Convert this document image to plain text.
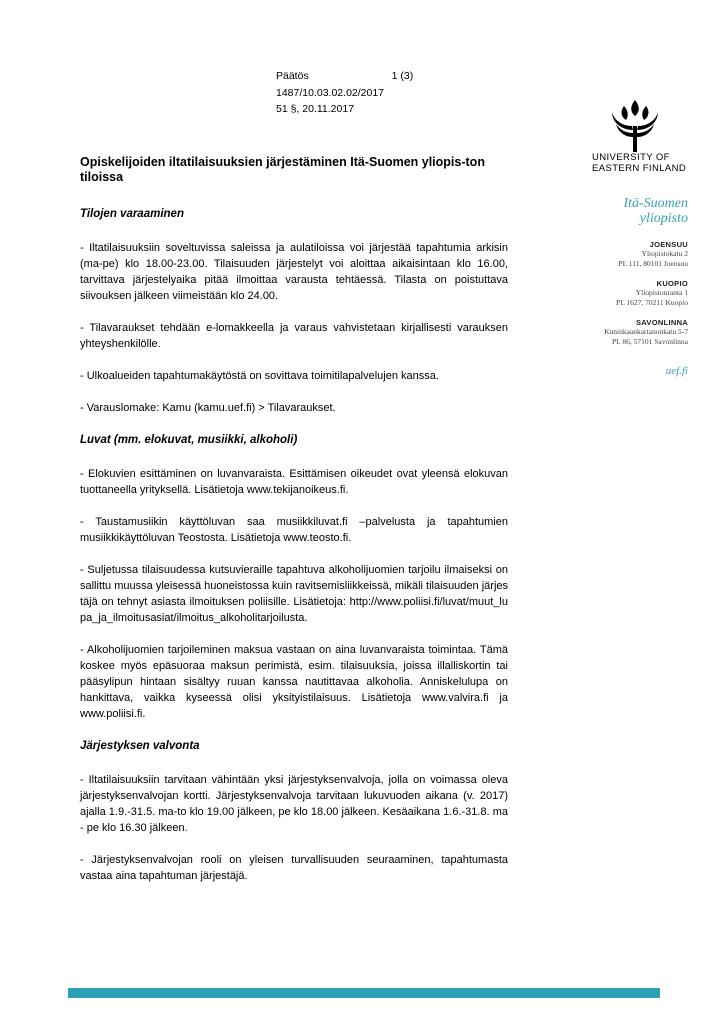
Päätös	1 (3)
1487/10.03.02.02/2017
51 §, 20.11.2017
UNIVERSITY OF
EASTERN FINLAND
Itä-Suomen
yliopisto
JOENSUU
Yliopistokatu 2
PL 111, 80101 Joensuu
KUOPIO
Yliopistonranta 1
PL 1627, 70211 Kuopio
SAVONLINNA
Kuninkaankartanonkatu 5-7
PL 86, 57101 Savonlinna
uef.fi
Opiskelijoiden iltatilaisuuksien järjestäminen Itä-Suomen yliopis-ton tiloissa
Tilojen varaaminen

- Iltatilaisuuksiin soveltuvissa saleissa ja aulatiloissa voi järjestää tapahtumia arkisin (ma-pe) klo 18.00-23.00. Tilaisuuden järjestelyt voi aloittaa aikaisintaan klo 16.00, tarvittava järjestelyaika pitää ilmoittaa varausta tehtäessä. Tilasta on poistuttava siivouksen jälkeen viimeistään klo 24.00.

- Tilavaraukset tehdään e-lomakkeella ja varaus vahvistetaan kirjallisesti varauksen yhteyshenkilölle.

- Ulkoalueiden tapahtumakäytöstä on sovittava toimitilapalvelujen kanssa.

- Varauslomake: Kamu (kamu.uef.fi) > Tilavaraukset.

Luvat (mm. elokuvat, musiikki, alkoholi)

- Elokuvien esittäminen on luvanvaraista. Esittämisen oikeudet ovat yleensä elokuvan tuottaneella yrityksellä. Lisätietoja www.tekijanoikeus.fi.

- Taustamusiikin käyttöluvan saa musiikkiluvat.fi –palvelusta ja tapahtumien musiikkikäyttöluvan Teostosta. Lisätietoja www.teosto.fi.

- Suljetussa tilaisuudessa kutsuvieraille tapahtuva alkoholijuomien tarjoilu ilmaiseksi on sallittu muussa yleisessä huoneistossa kuin ravitsemisliikkeissä, mikäli tilaisuuden järjestäjä on tehnyt asiasta ilmoituksen poliisille. Lisätietoja: http://www.poliisi.fi/luvat/muut_lupa_ja_ilmoitusasiat/ilmoitus_alkoholitarjoilusta.

- Alkoholijuomien tarjoileminen maksua vastaan on aina luvanvaraista toimintaa. Tämä koskee myös epäsuoraa maksun perimistä, esim. tilaisuuksia, joissa illalliskortin tai pääsylipun hintaan sisältyy ruuan kanssa nautittavaa alkoholia. Anniskelulupa on hankittava, vaikka kyseessä olisi yksityistilaisuus. Lisätietoja www.valvira.fi ja www.poliisi.fi.

Järjestyksen valvonta

- Iltatilaisuuksiin tarvitaan vähintään yksi järjestyksenvalvoja, jolla on voimassa oleva järjestyksenvalvojan kortti. Järjestyksenvalvoja tarvitaan lukuvuoden aikana (v. 2017) ajalla 1.9.-31.5. ma-to klo 19.00 jälkeen, pe klo 18.00 jälkeen. Kesäaikana 1.6.-31.8. ma - pe klo 16.30 jälkeen.

- Järjestyksenvalvojan rooli on yleisen turvallisuuden seuraaminen, tapahtumasta vastaa aina tapahtuman järjestäjä.
